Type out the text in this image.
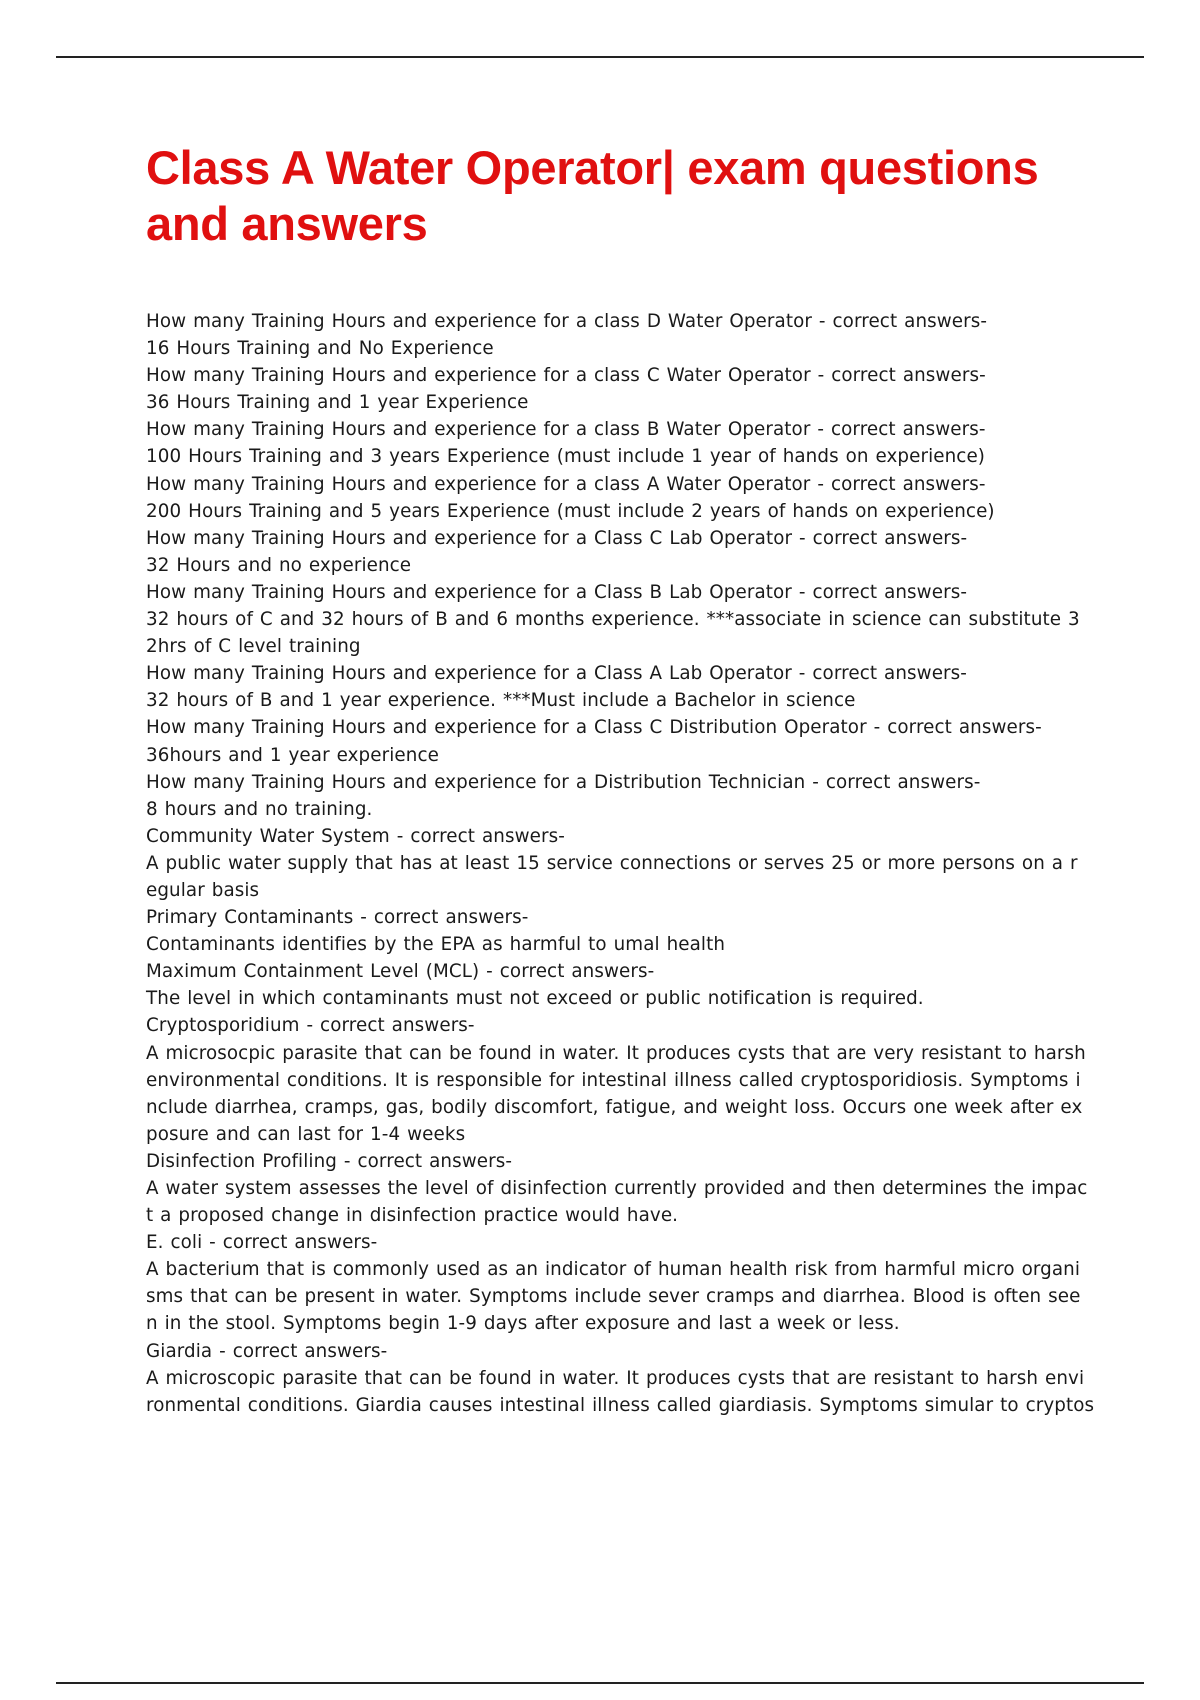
Class A Water Operator| exam questions
and answers
How many Training Hours and experience for a class D Water Operator - correct answers-
16 Hours Training and No Experience
How many Training Hours and experience for a class C Water Operator - correct answers-
36 Hours Training and 1 year Experience
How many Training Hours and experience for a class B Water Operator - correct answers-
100 Hours Training and 3 years Experience (must include 1 year of hands on experience)
How many Training Hours and experience for a class A Water Operator - correct answers-
200 Hours Training and 5 years Experience (must include 2 years of hands on experience)
How many Training Hours and experience for a Class C Lab Operator - correct answers-
32 Hours and no experience
How many Training Hours and experience for a Class B Lab Operator - correct answers-
32 hours of C and 32 hours of B and 6 months experience. ***associate in science can substitute 3
2hrs of C level training
How many Training Hours and experience for a Class A Lab Operator - correct answers-
32 hours of B and 1 year experience. ***Must include a Bachelor in science
How many Training Hours and experience for a Class C Distribution Operator - correct answers-
36hours and 1 year experience
How many Training Hours and experience for a Distribution Technician - correct answers-
8 hours and no training.
Community Water System - correct answers-
A public water supply that has at least 15 service connections or serves 25 or more persons on a r
egular basis
Primary Contaminants - correct answers-
Contaminants identifies by the EPA as harmful to umal health
Maximum Containment Level (MCL) - correct answers-
The level in which contaminants must not exceed or public notification is required.
Cryptosporidium - correct answers-
A microsocpic parasite that can be found in water. It produces cysts that are very resistant to harsh
environmental conditions. It is responsible for intestinal illness called cryptosporidiosis. Symptoms i
nclude diarrhea, cramps, gas, bodily discomfort, fatigue, and weight loss. Occurs one week after ex
posure and can last for 1-4 weeks
Disinfection Profiling - correct answers-
A water system assesses the level of disinfection currently provided and then determines the impac
t a proposed change in disinfection practice would have.
E. coli - correct answers-
A bacterium that is commonly used as an indicator of human health risk from harmful micro organi
sms that can be present in water. Symptoms include sever cramps and diarrhea. Blood is often see
n in the stool. Symptoms begin 1-9 days after exposure and last a week or less.
Giardia - correct answers-
A microscopic parasite that can be found in water. It produces cysts that are resistant to harsh envi
ronmental conditions. Giardia causes intestinal illness called giardiasis. Symptoms simular to cryptos
